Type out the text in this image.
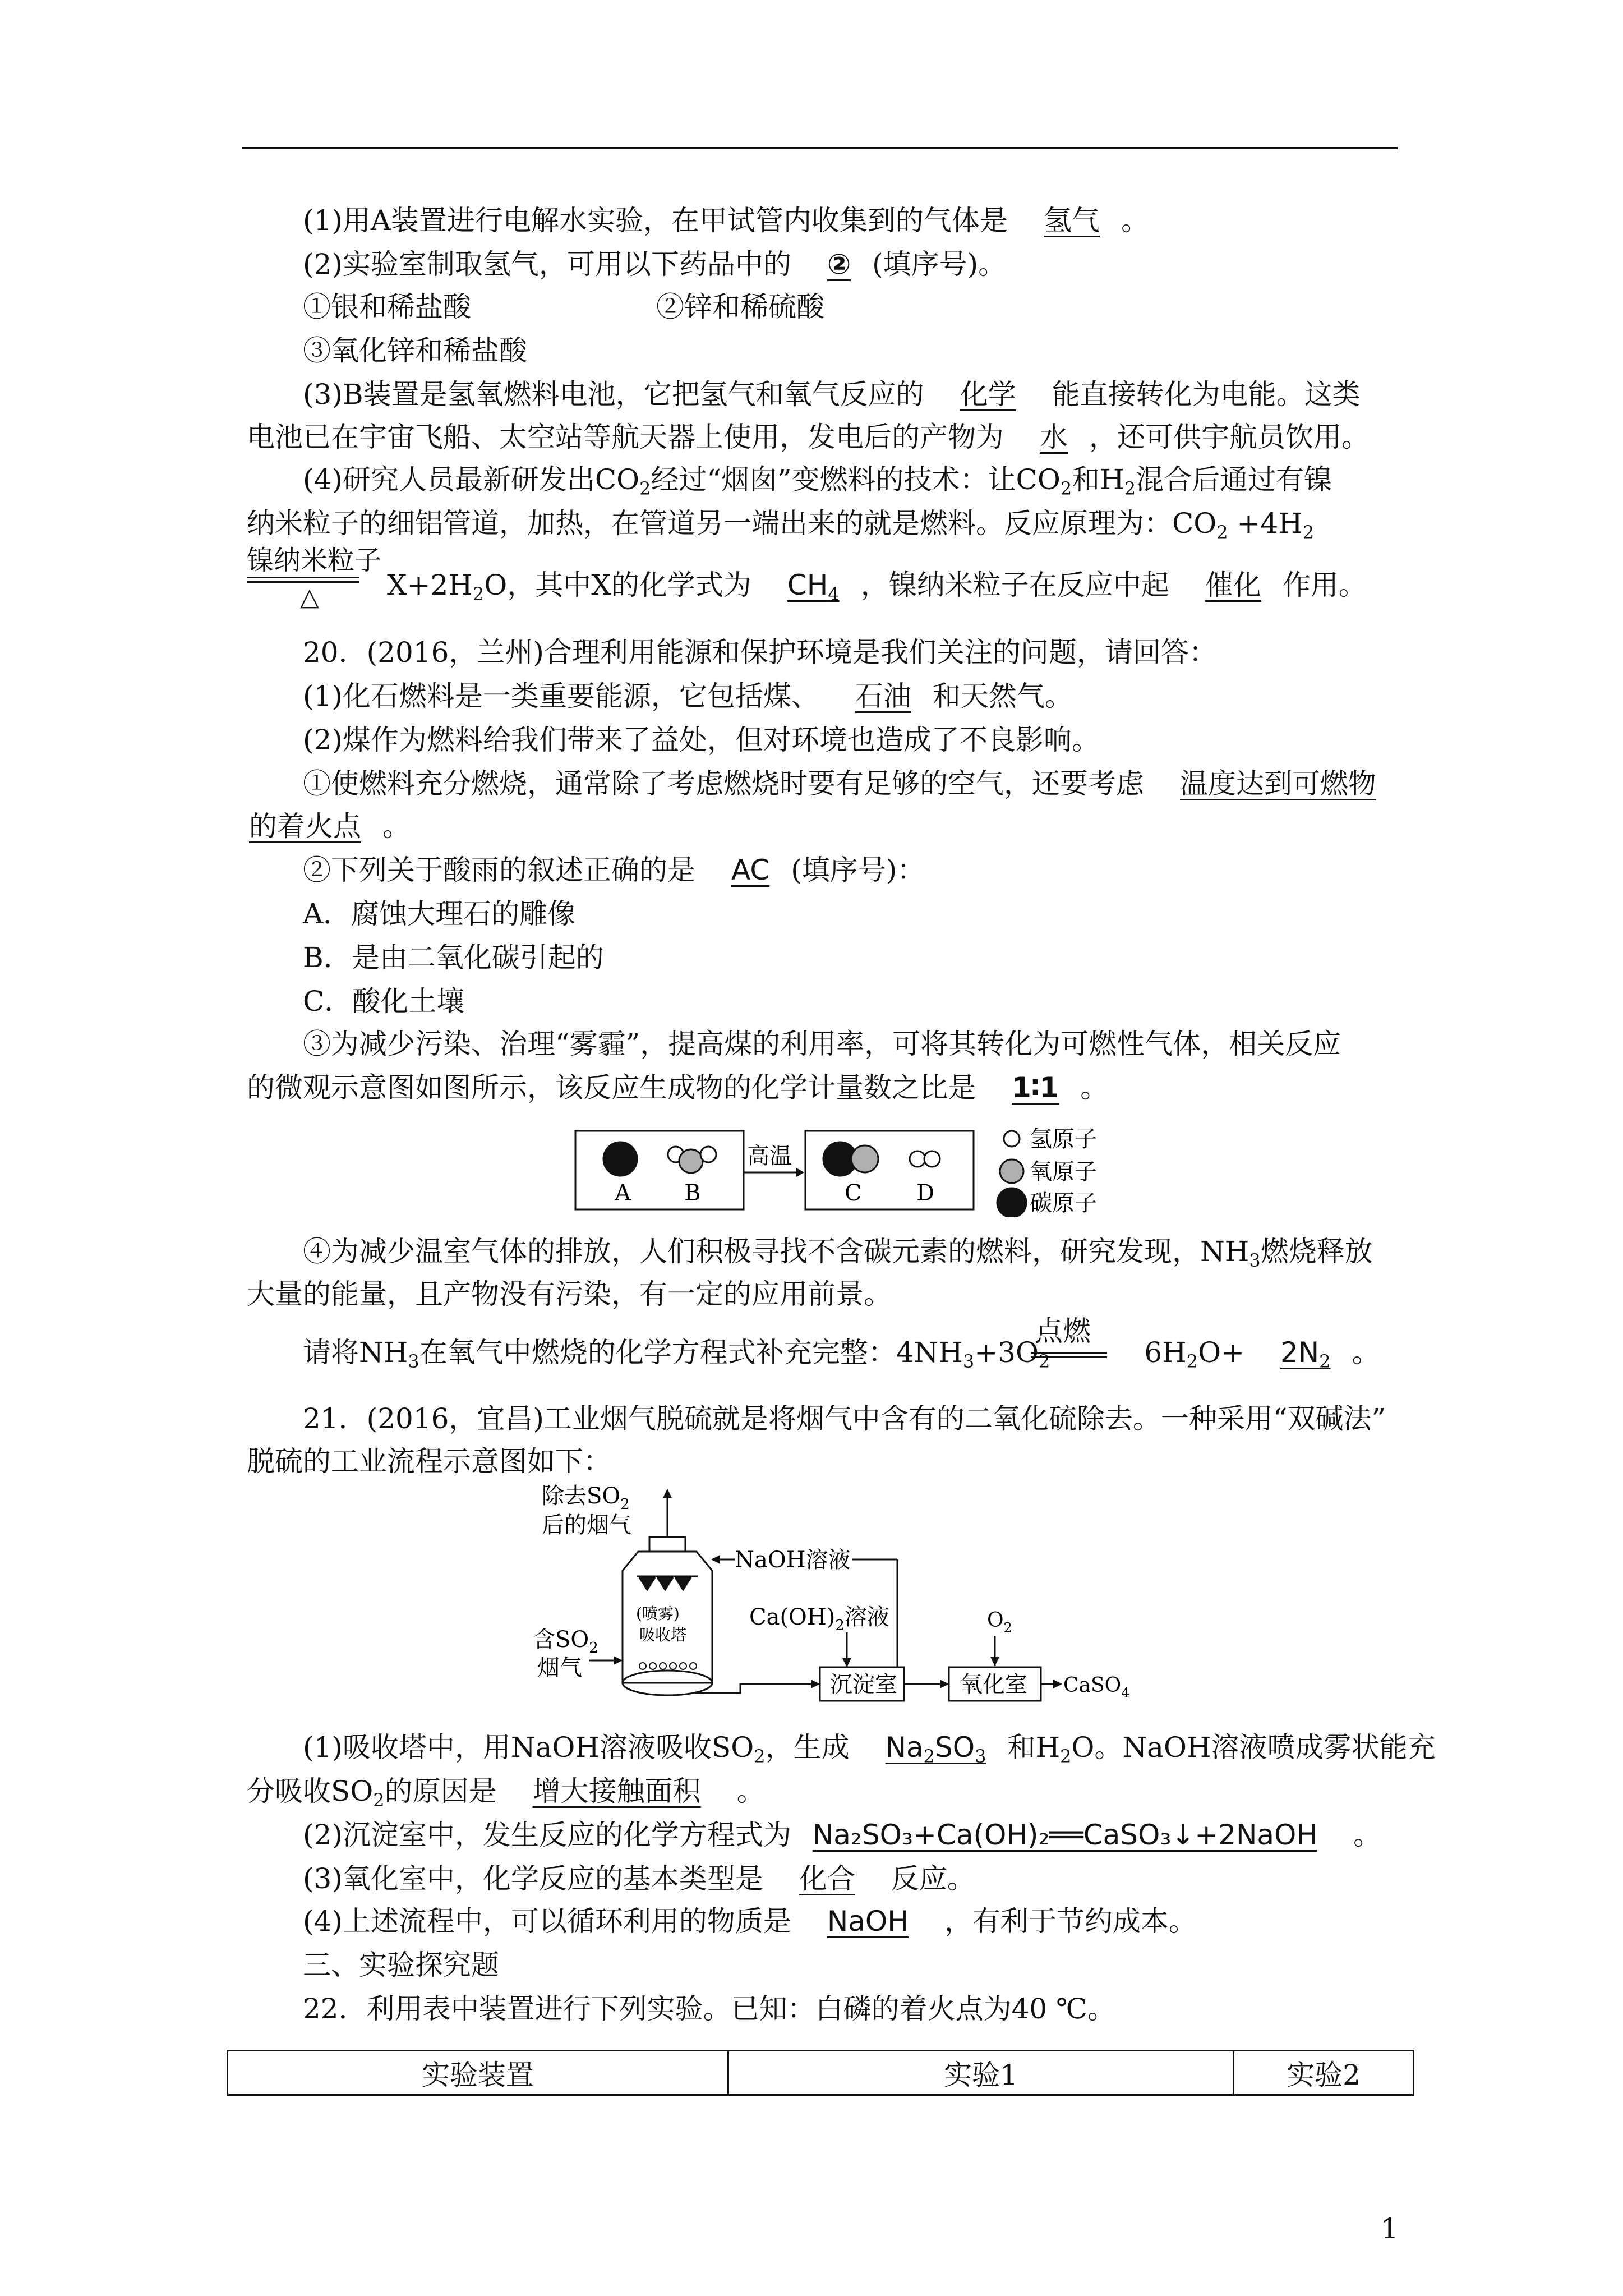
(1)用A装置进行电解水实验，在甲试管内收集到的气体是 氢气 。
(2)实验室制取氢气，可用以下药品中的 ② (填序号)。
①银和稀盐酸	②锌和稀硫酸
③氧化锌和稀盐酸
(3)B装置是氢氧燃料电池，它把氢气和氧气反应的 化学 能直接转化为电能。这类
电池已在宇宙飞船、太空站等航天器上使用，发电后的产物为 水 ，还可供宇航员饮用。
(4)研究人员最新研发出$CO_2$经过“烟囱”变燃料的技术：让$CO_2$和$H_2$混合后通过有镍
纳米粒子的细铝管道，加热，在管道另一端出来的就是燃料。反应原理为：$CO_2 +4H_2$
镍纳米粒子
△ $X+2H_2O$，其中X的化学式为 $CH_4$ ，镍纳米粒子在反应中起 催化 作用。
20．(2016，兰州)合理利用能源和保护环境是我们关注的问题，请回答：
(1)化石燃料是一类重要能源，它包括煤、 石油 和天然气。
(2)煤作为燃料给我们带来了益处，但对环境也造成了不良影响。
①使燃料充分燃烧，通常除了考虑燃烧时要有足够的空气，还要考虑 温度达到可燃物
的着火点 。
②下列关于酸雨的叙述正确的是 AC (填序号)：
A．腐蚀大理石的雕像
B．是由二氧化碳引起的
C．酸化土壤
③为减少污染、治理“雾霾”，提高煤的利用率，可将其转化为可燃性气体，相关反应
的微观示意图如图所示，该反应生成物的化学计量数之比是 1∶1 。
A B
高温
C D
氢原子
氧原子
碳原子
④为减少温室气体的排放，人们积极寻找不含碳元素的燃料，研究发现，$NH_3$燃烧释放
大量的能量，且产物没有污染，有一定的应用前景。
点燃
请将$NH_3$在氧气中燃烧的化学方程式补充完整：$4NH_3+3O_2$	$6H_2O+ 2N_2$ 。
21．(2016，宜昌)工业烟气脱硫就是将烟气中含有的二氧化硫除去。一种采用“双碱法”
脱硫的工业流程示意图如下：
除去$SO_2$
后的烟气
(喷雾)
吸收塔
NaOH溶液
$Ca(OH)_2$溶液
含$SO_2$
烟气
沉淀室	氧化室
$O_2$
CaSO$_4$
(1)吸收塔中，用NaOH溶液吸收$SO_2$，生成 $Na_2SO_3$ 和$H_2O$。NaOH溶液喷成雾状能充
分吸收$SO_2$的原因是 增大接触面积 。
(2)沉淀室中，发生反应的化学方程式为 Na₂SO₃+Ca(OH)₂══CaSO₃↓+2NaOH 。
(3)氧化室中，化学反应的基本类型是 化合 反应。
(4)上述流程中，可以循环利用的物质是 NaOH ，有利于节约成本。
三、实验探究题
22．利用表中装置进行下列实验。已知：白磷的着火点为40 ℃。
实验装置	实验1	实验2
1
